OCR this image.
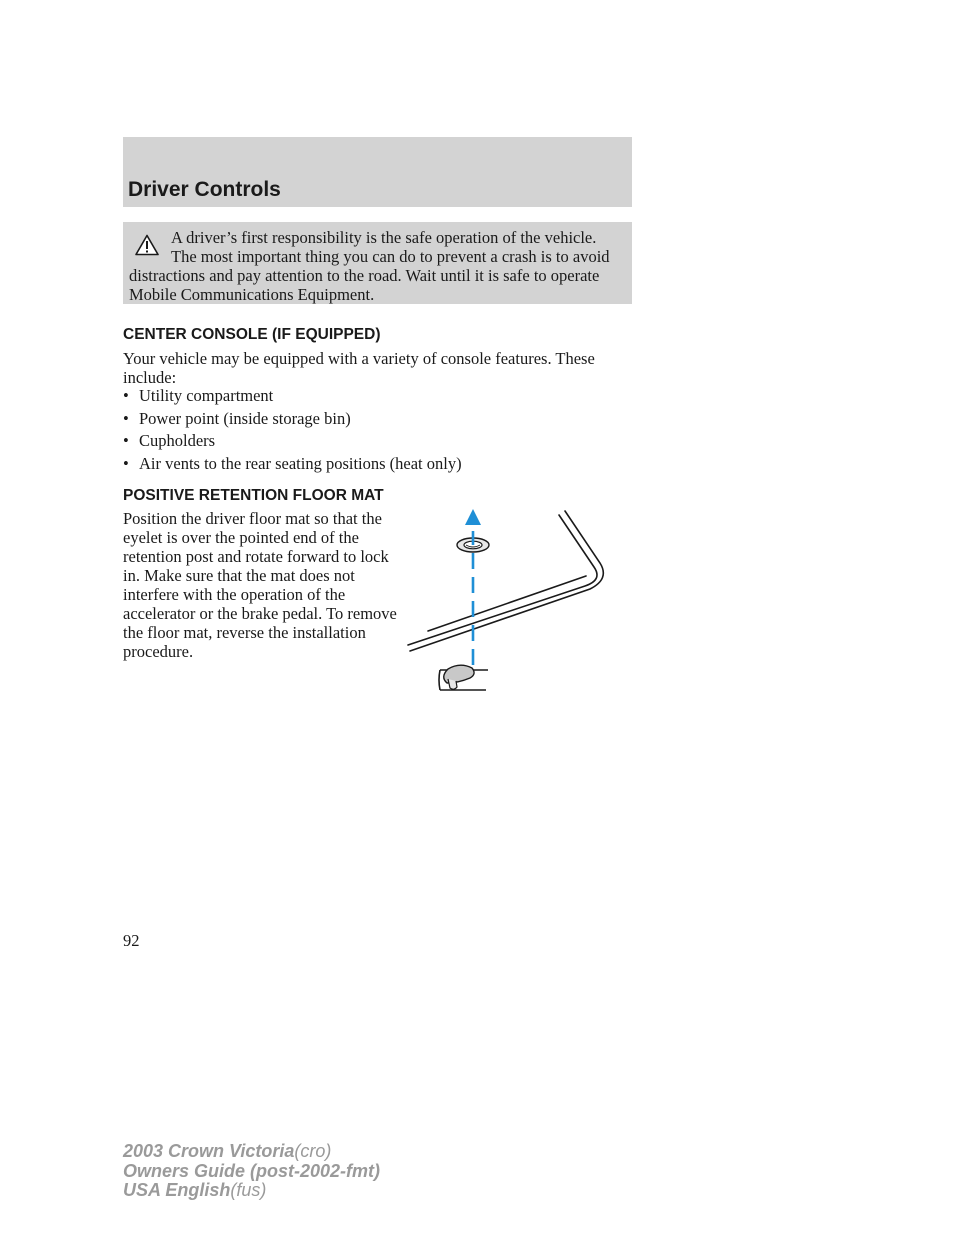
Driver Controls

A driver’s first responsibility is the safe operation of the vehicle. The most important thing you can do to prevent a crash is to avoid distractions and pay attention to the road. Wait until it is safe to operate Mobile Communications Equipment.

CENTER CONSOLE (IF EQUIPPED)

Your vehicle may be equipped with a variety of console features. These include:

• Utility compartment
• Power point (inside storage bin)
• Cupholders
• Air vents to the rear seating positions (heat only)
POSITIVE RETENTION FLOOR MAT

Position the driver floor mat so that the eyelet is over the pointed end of the retention post and rotate forward to lock in. Make sure that the mat does not interfere with the operation of the accelerator or the brake pedal. To remove the floor mat, reverse the installation procedure.

92

2003 Crown Victoria(cro)
Owners Guide (post-2002-fmt)
USA English(fus)
